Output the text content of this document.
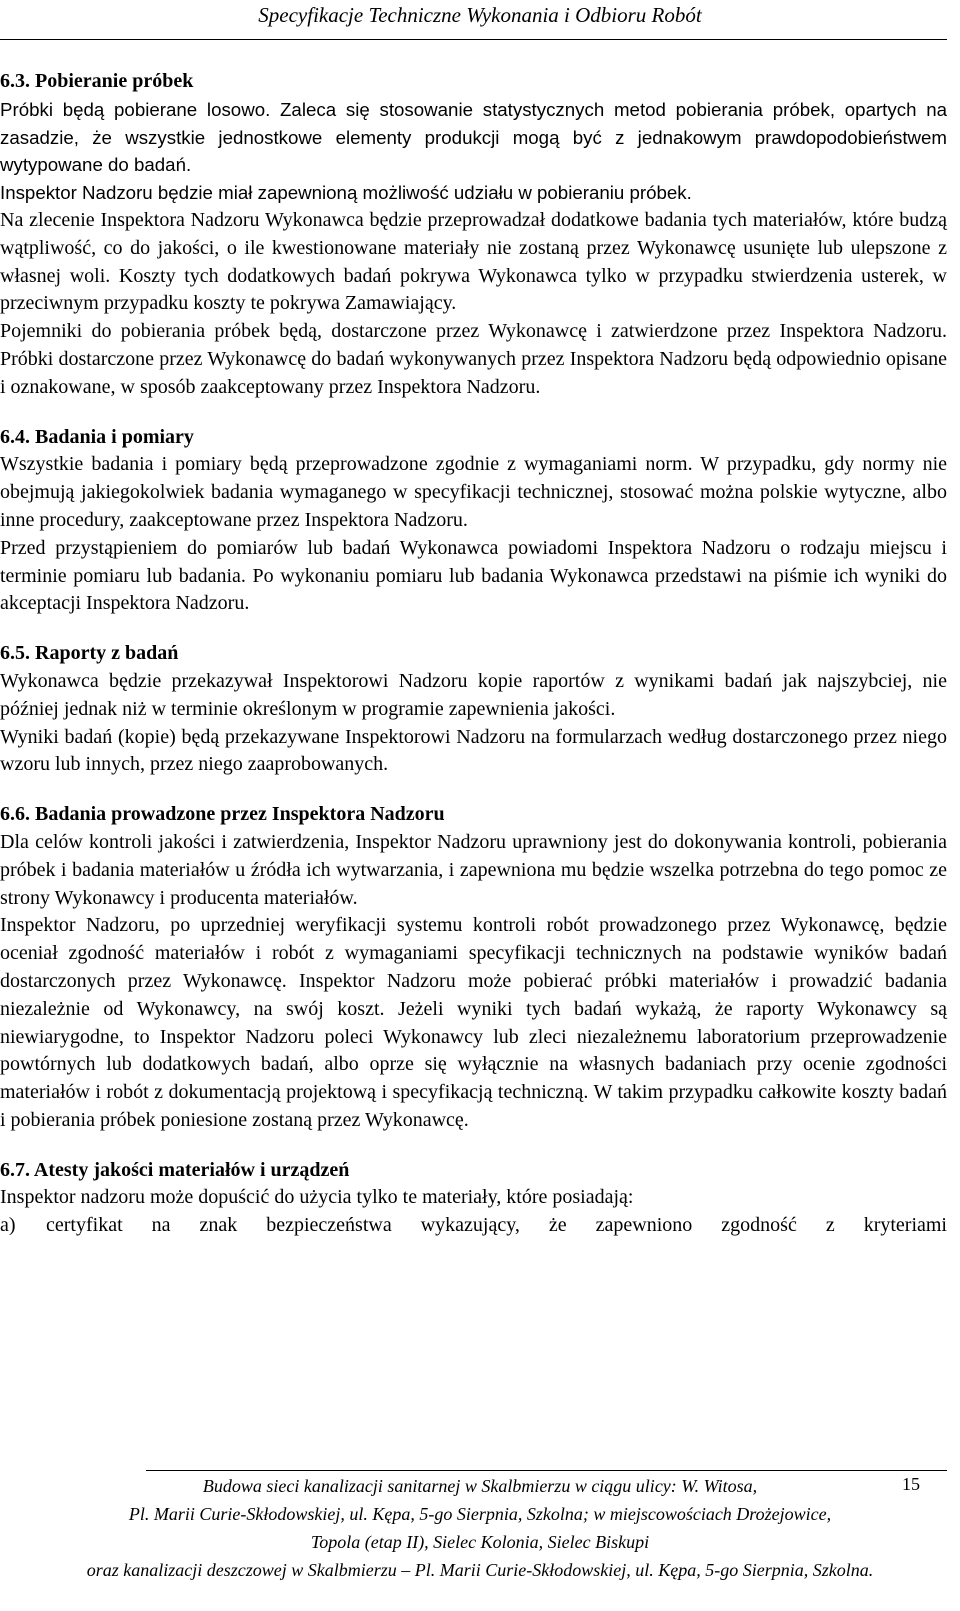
Specyfikacje Techniczne Wykonania i Odbioru Robót
6.3. Pobieranie próbek

Próbki będą pobierane losowo. Zaleca się stosowanie statystycznych metod pobierania próbek, opartych na zasadzie, że wszystkie jednostkowe elementy produkcji mogą być z jednakowym prawdopodobieństwem wytypowane do badań.

Inspektor Nadzoru będzie miał zapewnioną możliwość udziału w pobieraniu próbek.

Na zlecenie Inspektora Nadzoru Wykonawca będzie przeprowadzał dodatkowe badania tych materiałów, które budzą wątpliwość, co do jakości, o ile kwestionowane materiały nie zostaną przez Wykonawcę usunięte lub ulepszone z własnej woli. Koszty tych dodatkowych badań pokrywa Wykonawca tylko w przypadku stwierdzenia usterek, w przeciwnym przypadku koszty te pokrywa Zamawiający.

Pojemniki do pobierania próbek będą, dostarczone przez Wykonawcę i zatwierdzone przez Inspektora Nadzoru. Próbki dostarczone przez Wykonawcę do badań wykonywanych przez Inspektora Nadzoru będą odpowiednio opisane i oznakowane, w sposób zaakceptowany przez Inspektora Nadzoru.

6.4. Badania i pomiary

Wszystkie badania i pomiary będą przeprowadzone zgodnie z wymaganiami norm. W przypadku, gdy normy nie obejmują jakiegokolwiek badania wymaganego w specyfikacji technicznej, stosować można polskie wytyczne, albo inne procedury, zaakceptowane przez Inspektora Nadzoru.

Przed przystąpieniem do pomiarów lub badań Wykonawca powiadomi Inspektora Nadzoru o rodzaju miejscu i terminie pomiaru lub badania. Po wykonaniu pomiaru lub badania Wykonawca przedstawi na piśmie ich wyniki do akceptacji Inspektora Nadzoru.

6.5. Raporty z badań

Wykonawca będzie przekazywał Inspektorowi Nadzoru kopie raportów z wynikami badań jak najszybciej, nie później jednak niż w terminie określonym w programie zapewnienia jakości.

Wyniki badań (kopie) będą przekazywane Inspektorowi Nadzoru na formularzach według dostarczonego przez niego wzoru lub innych, przez niego zaaprobowanych.

6.6. Badania prowadzone przez Inspektora Nadzoru

Dla celów kontroli jakości i zatwierdzenia, Inspektor Nadzoru uprawniony jest do dokonywania kontroli, pobierania próbek i badania materiałów u źródła ich wytwarzania, i zapewniona mu będzie wszelka potrzebna do tego pomoc ze strony Wykonawcy i producenta materiałów.

Inspektor Nadzoru, po uprzedniej weryfikacji systemu kontroli robót prowadzonego przez Wykonawcę, będzie oceniał zgodność materiałów i robót z wymaganiami specyfikacji technicznych na podstawie wyników badań dostarczonych przez Wykonawcę. Inspektor Nadzoru może pobierać próbki materiałów i prowadzić badania niezależnie od Wykonawcy, na swój koszt. Jeżeli wyniki tych badań wykażą, że raporty Wykonawcy są niewiarygodne, to Inspektor Nadzoru poleci Wykonawcy lub zleci niezależnemu laboratorium przeprowadzenie powtórnych lub dodatkowych badań, albo oprze się wyłącznie na własnych badaniach przy ocenie zgodności materiałów i robót z dokumentacją projektową i specyfikacją techniczną. W takim przypadku całkowite koszty badań i pobierania próbek poniesione zostaną przez Wykonawcę.

6.7. Atesty jakości materiałów i urządzeń

Inspektor nadzoru może dopuścić do użycia tylko te materiały, które posiadają:

a)	certyfikat na znak bezpieczeństwa wykazujący, że zapewniono zgodność z kryteriami
15
Budowa sieci kanalizacji sanitarnej w Skalbmierzu w ciągu ulicy: W. Witosa,
Pl. Marii Curie-Skłodowskiej, ul. Kępa, 5-go Sierpnia, Szkolna; w miejscowościach Drożejowice,
Topola (etap II), Sielec Kolonia, Sielec Biskupi
oraz kanalizacji deszczowej w Skalbmierzu – Pl. Marii Curie-Skłodowskiej, ul. Kępa, 5-go Sierpnia, Szkolna.
